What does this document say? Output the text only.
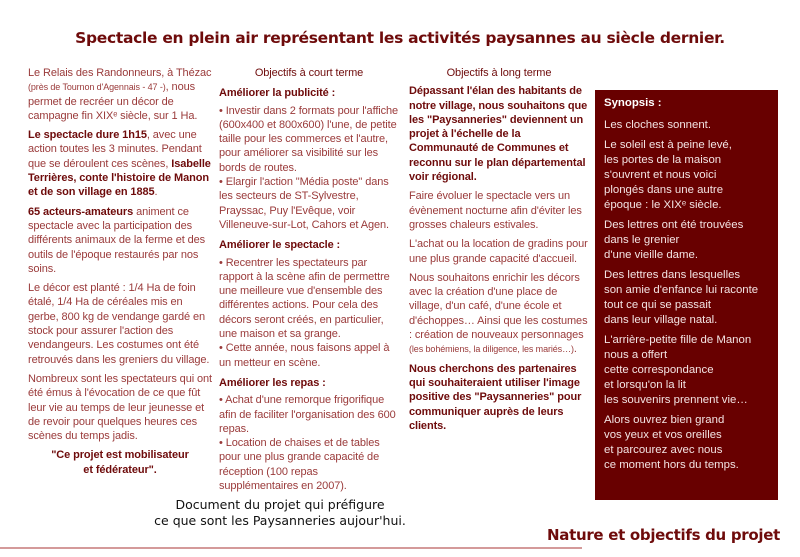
Spectacle en plein air représentant les activités paysannes au siècle dernier.

Le Relais des Randonneurs, à Thézac (près de Tournon d'Agennais - 47 -), nous permet de recréer un décor de campagne fin XIXᵉ siècle, sur 1 Ha.

Le spectacle dure 1h15, avec une action toutes les 3 minutes. Pendant que se déroulent ces scènes, Isabelle Terrières, conte l'histoire de Manon et de son village en 1885.

65 acteurs-amateurs animent ce spectacle avec la participation des différents animaux de la ferme et des outils de l'époque restaurés par nos soins.

Le décor est planté : 1/4 Ha de foin étalé, 1/4 Ha de céréales mis en gerbe, 800 kg de vendange gardé en stock pour assurer l'action des vendangeurs. Les costumes ont été retrouvés dans les greniers du village.

Nombreux sont les spectateurs qui ont été émus à l'évocation de ce que fût leur vie au temps de leur jeunesse et de revoir pour quelques heures ces scènes du temps jadis.

"Ce projet est mobilisateur et fédérateur".

Objectifs à court terme

Améliorer la publicité :

• Investir dans 2 formats pour l'affiche (600x400 et 800x600) l'une, de petite taille pour les commerces et l'autre, pour améliorer sa visibilité sur les bords de routes.

• Elargir l'action "Média poste" dans les secteurs de ST-Sylvestre, Prayssac, Puy l'Evêque, voir Villeneuve-sur-Lot, Cahors et Agen.

Améliorer le spectacle :

• Recentrer les spectateurs par rapport à la scène afin de permettre une meilleure vue d'ensemble des différentes actions. Pour cela des décors seront créés, en particulier, une maison et sa grange.

• Cette année, nous faisons appel à un metteur en scène.

Améliorer les repas :

• Achat d'une remorque frigorifique afin de faciliter l'organisation des 600 repas.

• Location de chaises et de tables pour une plus grande capacité de réception (100 repas supplémentaires en 2007).

Objectifs à long terme

Dépassant l'élan des habitants de notre village, nous souhaitons que les "Paysanneries" deviennent un projet à l'échelle de la Communauté de Communes et reconnu sur le plan départemental voir régional.

Faire évoluer le spectacle vers un évènement nocturne afin d'éviter les grosses chaleurs estivales.

L'achat ou la location de gradins pour une plus grande capacité d'accueil.

Nous souhaitons enrichir les décors avec la création d'une place de village, d'un café, d'une école et d'échoppes… Ainsi que les costumes : création de nouveaux personnages (les bohémiens, la diligence, les mariés…).

Nous cherchons des partenaires qui souhaiteraient utiliser l'image positive des "Paysanneries" pour communiquer auprès de leurs clients.

Synopsis :

Les cloches sonnent.

Le soleil est à peine levé,
les portes de la maison
s'ouvrent et nous voici
plongés dans une autre
époque : le XIXᵉ siècle.

Des lettres ont été trouvées
dans le grenier
d'une vieille dame.

Des lettres dans lesquelles
son amie d'enfance lui raconte
tout ce qui se passait
dans leur village natal.

L'arrière-petite fille de Manon
nous a offert
cette correspondance
et lorsqu'on la lit
les souvenirs prennent vie…

Alors ouvrez bien grand
vos yeux et vos oreilles
et parcourez avec nous
ce moment hors du temps.

Document du projet qui préfigure
ce que sont les Paysanneries aujour'hui.
Nature et objectifs du projet
